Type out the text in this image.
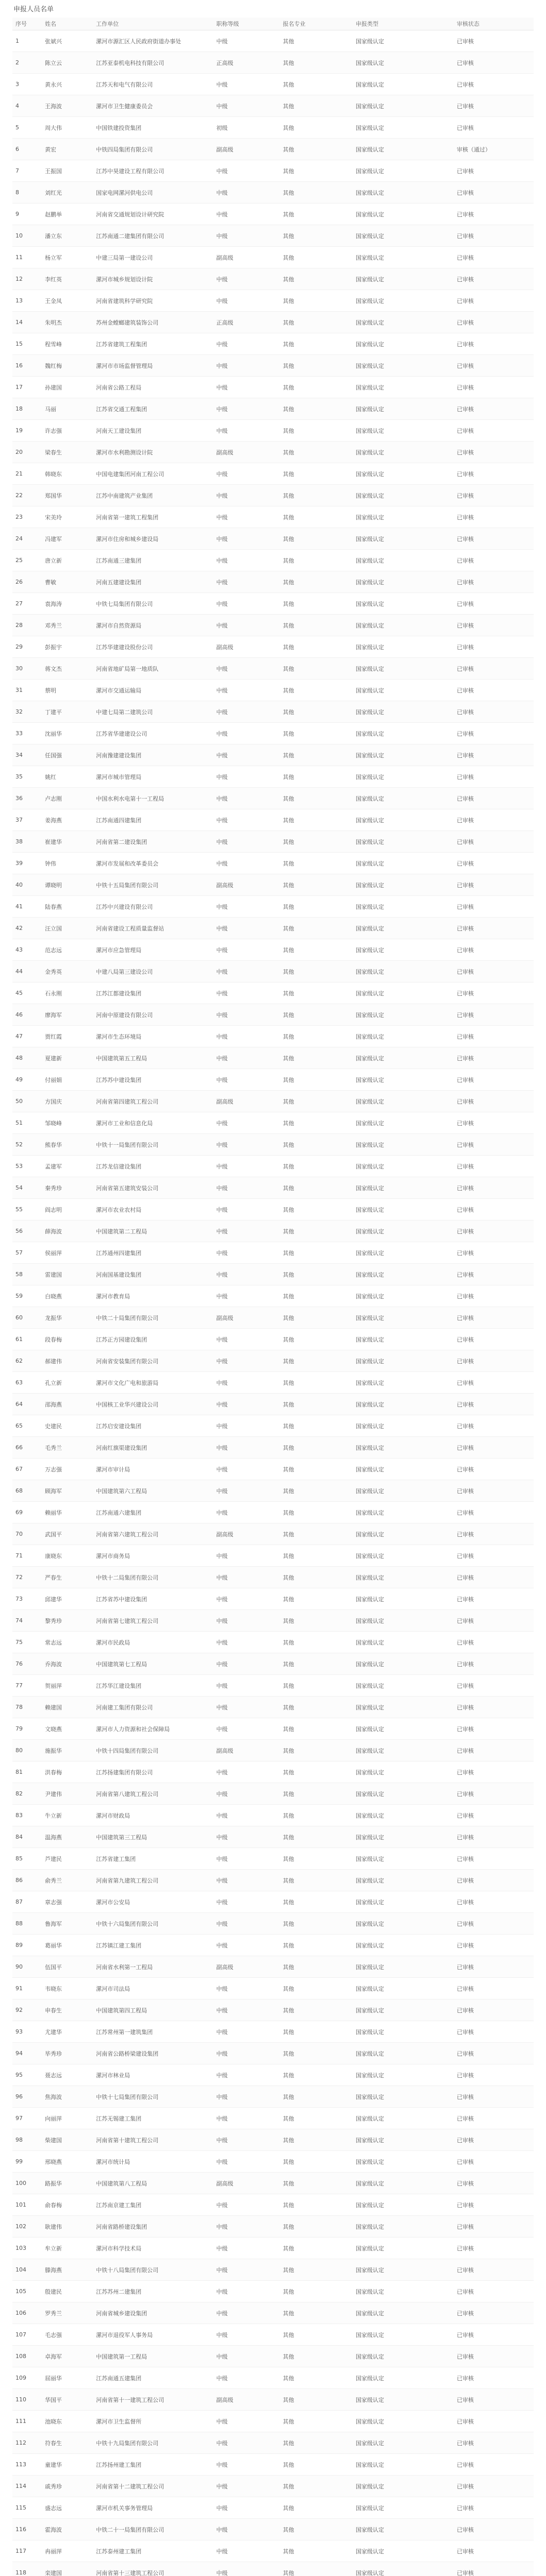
申报人员名单
序号	姓名	工作单位	职称等级	报名专业	申报类型	审核状态
1	张斌兴	漯河市源汇区人民政府街道办事处	中级	其他	国家级认定	已审核
2	陈立云	江苏亚泰机电科技有限公司	正高级	其他	国家级认定	已审核
3	黄永兴	江苏天和电气有限公司	中级	其他	国家级认定	已审核
4	王海波	漯河市卫生健康委员会	中级	其他	国家级认定	已审核
5	周大伟	中国铁建投资集团	初级	其他	国家级认定	已审核
6	黄宏	中铁四局集团有限公司	副高级	其他	国家级认定	审核（通过）
7	王振国	江苏中昊建设工程有限公司	中级	其他	国家级认定	已审核
8	刘红光	国家电网漯河供电公司	中级	其他	国家级认定	已审核
9	赵鹏举	河南省交通规划设计研究院	中级	其他	国家级认定	已审核
10	潘立东	江苏南通二建集团有限公司	中级	其他	国家级认定	已审核
11	杨立军	中建三局第一建设公司	副高级	其他	国家级认定	已审核
12	李红英	漯河市城乡规划设计院	中级	其他	国家级认定	已审核
13	王金凤	河南省建筑科学研究院	中级	其他	国家级认定	已审核
14	朱明杰	苏州金螳螂建筑装饰公司	正高级	其他	国家级认定	已审核
15	程雪峰	江苏省建筑工程集团	中级	其他	国家级认定	已审核
16	魏红梅	漯河市市场监督管理局	中级	其他	国家级认定	已审核
17	孙建国	河南省公路工程局	中级	其他	国家级认定	已审核
18	马丽	江苏省交通工程集团	中级	其他	国家级认定	已审核
19	许志强	河南天工建设集团	中级	其他	国家级认定	已审核
20	梁春生	漯河市水利勘测设计院	副高级	其他	国家级认定	已审核
21	韩晓东	中国电建集团河南工程公司	中级	其他	国家级认定	已审核
22	郑国华	江苏中南建筑产业集团	中级	其他	国家级认定	已审核
23	宋美玲	河南省第一建筑工程集团	中级	其他	国家级认定	已审核
24	冯建军	漯河市住房和城乡建设局	中级	其他	国家级认定	已审核
25	唐立新	江苏南通三建集团	中级	其他	国家级认定	已审核
26	曹敏	河南五建建设集团	中级	其他	国家级认定	已审核
27	袁海涛	中铁七局集团有限公司	中级	其他	国家级认定	已审核
28	邓秀兰	漯河市自然资源局	中级	其他	国家级认定	已审核
29	彭振宇	江苏华建建设股份公司	副高级	其他	国家级认定	已审核
30	蒋文杰	河南省地矿局第一地质队	中级	其他	国家级认定	已审核
31	蔡明	漯河市交通运输局	中级	其他	国家级认定	已审核
32	丁建平	中建七局第二建筑公司	中级	其他	国家级认定	已审核
33	沈丽华	江苏省华建建设公司	中级	其他	国家级认定	已审核
34	任国强	河南豫建建设集团	中级	其他	国家级认定	已审核
35	姚红	漯河市城市管理局	中级	其他	国家级认定	已审核
36	卢志刚	中国水利水电第十一工程局	中级	其他	国家级认定	已审核
37	姜海燕	江苏南通四建集团	中级	其他	国家级认定	已审核
38	崔建华	河南省第二建设集团	中级	其他	国家级认定	已审核
39	钟伟	漯河市发展和改革委员会	中级	其他	国家级认定	已审核
40	谭晓明	中铁十五局集团有限公司	副高级	其他	国家级认定	已审核
41	陆春燕	江苏中兴建设有限公司	中级	其他	国家级认定	已审核
42	汪立国	河南省建设工程质量监督站	中级	其他	国家级认定	已审核
43	范志远	漯河市应急管理局	中级	其他	国家级认定	已审核
44	金秀英	中建八局第三建设公司	中级	其他	国家级认定	已审核
45	石永刚	江苏江都建设集团	中级	其他	国家级认定	已审核
46	廖海军	河南中原建设有限公司	中级	其他	国家级认定	已审核
47	贾红霞	漯河市生态环境局	中级	其他	国家级认定	已审核
48	夏建新	中国建筑第五工程局	中级	其他	国家级认定	已审核
49	付丽娟	江苏苏中建设集团	中级	其他	国家级认定	已审核
50	方国庆	河南省第四建筑工程公司	副高级	其他	国家级认定	已审核
51	邹晓峰	漯河市工业和信息化局	中级	其他	国家级认定	已审核
52	熊春华	中铁十一局集团有限公司	中级	其他	国家级认定	已审核
53	孟建军	江苏龙信建设集团	中级	其他	国家级认定	已审核
54	秦秀珍	河南省第五建筑安装公司	中级	其他	国家级认定	已审核
55	阎志明	漯河市农业农村局	中级	其他	国家级认定	已审核
56	薛海波	中国建筑第二工程局	中级	其他	国家级认定	已审核
57	侯丽萍	江苏通州四建集团	中级	其他	国家级认定	已审核
58	雷建国	河南国基建设集团	中级	其他	国家级认定	已审核
59	白晓燕	漯河市教育局	中级	其他	国家级认定	已审核
60	龙振华	中铁二十局集团有限公司	副高级	其他	国家级认定	已审核
61	段春梅	江苏正方园建设集团	中级	其他	国家级认定	已审核
62	郝建伟	河南省安装集团有限公司	中级	其他	国家级认定	已审核
63	孔立新	漯河市文化广电和旅游局	中级	其他	国家级认定	已审核
64	邵海燕	中国核工业华兴建设公司	中级	其他	国家级认定	已审核
65	史建民	江苏启安建设集团	中级	其他	国家级认定	已审核
66	毛秀兰	河南红旗渠建设集团	中级	其他	国家级认定	已审核
67	万志强	漯河市审计局	中级	其他	国家级认定	已审核
68	顾海军	中国建筑第六工程局	中级	其他	国家级认定	已审核
69	赖丽华	江苏南通六建集团	中级	其他	国家级认定	已审核
70	武国平	河南省第六建筑工程公司	副高级	其他	国家级认定	已审核
71	康晓东	漯河市商务局	中级	其他	国家级认定	已审核
72	严春生	中铁十二局集团有限公司	中级	其他	国家级认定	已审核
73	邱建华	江苏省苏中建设集团	中级	其他	国家级认定	已审核
74	黎秀珍	河南省第七建筑工程公司	中级	其他	国家级认定	已审核
75	常志远	漯河市民政局	中级	其他	国家级认定	已审核
76	乔海波	中国建筑第七工程局	中级	其他	国家级认定	已审核
77	贺丽萍	江苏华江建设集团	中级	其他	国家级认定	已审核
78	赖建国	河南建工集团有限公司	中级	其他	国家级认定	已审核
79	文晓燕	漯河市人力资源和社会保障局	中级	其他	国家级认定	已审核
80	施振华	中铁十四局集团有限公司	副高级	其他	国家级认定	已审核
81	洪春梅	江苏扬建集团有限公司	中级	其他	国家级认定	已审核
82	尹建伟	河南省第八建筑工程公司	中级	其他	国家级认定	已审核
83	牛立新	漯河市财政局	中级	其他	国家级认定	已审核
84	温海燕	中国建筑第三工程局	中级	其他	国家级认定	已审核
85	芦建民	江苏省建工集团	中级	其他	国家级认定	已审核
86	俞秀兰	河南省第九建筑工程公司	中级	其他	国家级认定	已审核
87	章志强	漯河市公安局	中级	其他	国家级认定	已审核
88	鲁海军	中铁十六局集团有限公司	中级	其他	国家级认定	已审核
89	葛丽华	江苏镇江建工集团	中级	其他	国家级认定	已审核
90	伍国平	河南省水利第一工程局	副高级	其他	国家级认定	已审核
91	韦晓东	漯河市司法局	中级	其他	国家级认定	已审核
92	申春生	中国建筑第四工程局	中级	其他	国家级认定	已审核
93	尤建华	江苏常州第一建筑集团	中级	其他	国家级认定	已审核
94	毕秀珍	河南省公路桥梁建设集团	中级	其他	国家级认定	已审核
95	聂志远	漯河市林业局	中级	其他	国家级认定	已审核
96	焦海波	中铁十七局集团有限公司	中级	其他	国家级认定	已审核
97	向丽萍	江苏无锡建工集团	中级	其他	国家级认定	已审核
98	柴建国	河南省第十建筑工程公司	中级	其他	国家级认定	已审核
99	邢晓燕	漯河市统计局	中级	其他	国家级认定	已审核
100	路振华	中国建筑第八工程局	副高级	其他	国家级认定	已审核
101	俞春梅	江苏南京建工集团	中级	其他	国家级认定	已审核
102	耿建伟	河南省路桥建设集团	中级	其他	国家级认定	已审核
103	牟立新	漯河市科学技术局	中级	其他	国家级认定	已审核
104	滕海燕	中铁十八局集团有限公司	中级	其他	国家级认定	已审核
105	殷建民	江苏苏州二建集团	中级	其他	国家级认定	已审核
106	罗秀兰	河南省城乡建设集团	中级	其他	国家级认定	已审核
107	毛志强	漯河市退役军人事务局	中级	其他	国家级认定	已审核
108	卓海军	中国建筑第一工程局	中级	其他	国家级认定	已审核
109	屈丽华	江苏南通五建集团	中级	其他	国家级认定	已审核
110	华国平	河南省第十一建筑工程公司	副高级	其他	国家级认定	已审核
111	池晓东	漯河市卫生监督所	中级	其他	国家级认定	已审核
112	符春生	中铁十九局集团有限公司	中级	其他	国家级认定	已审核
113	童建华	江苏扬州建工集团	中级	其他	国家级认定	已审核
114	戚秀珍	河南省第十二建筑工程公司	中级	其他	国家级认定	已审核
115	盛志远	漯河市机关事务管理局	中级	其他	国家级认定	已审核
116	霍海波	中铁二十一局集团有限公司	中级	其他	国家级认定	已审核
117	冉丽萍	江苏泰州建工集团	中级	其他	国家级认定	已审核
118	栾建国	河南省第十三建筑工程公司	中级	其他	国家级认定	已审核
